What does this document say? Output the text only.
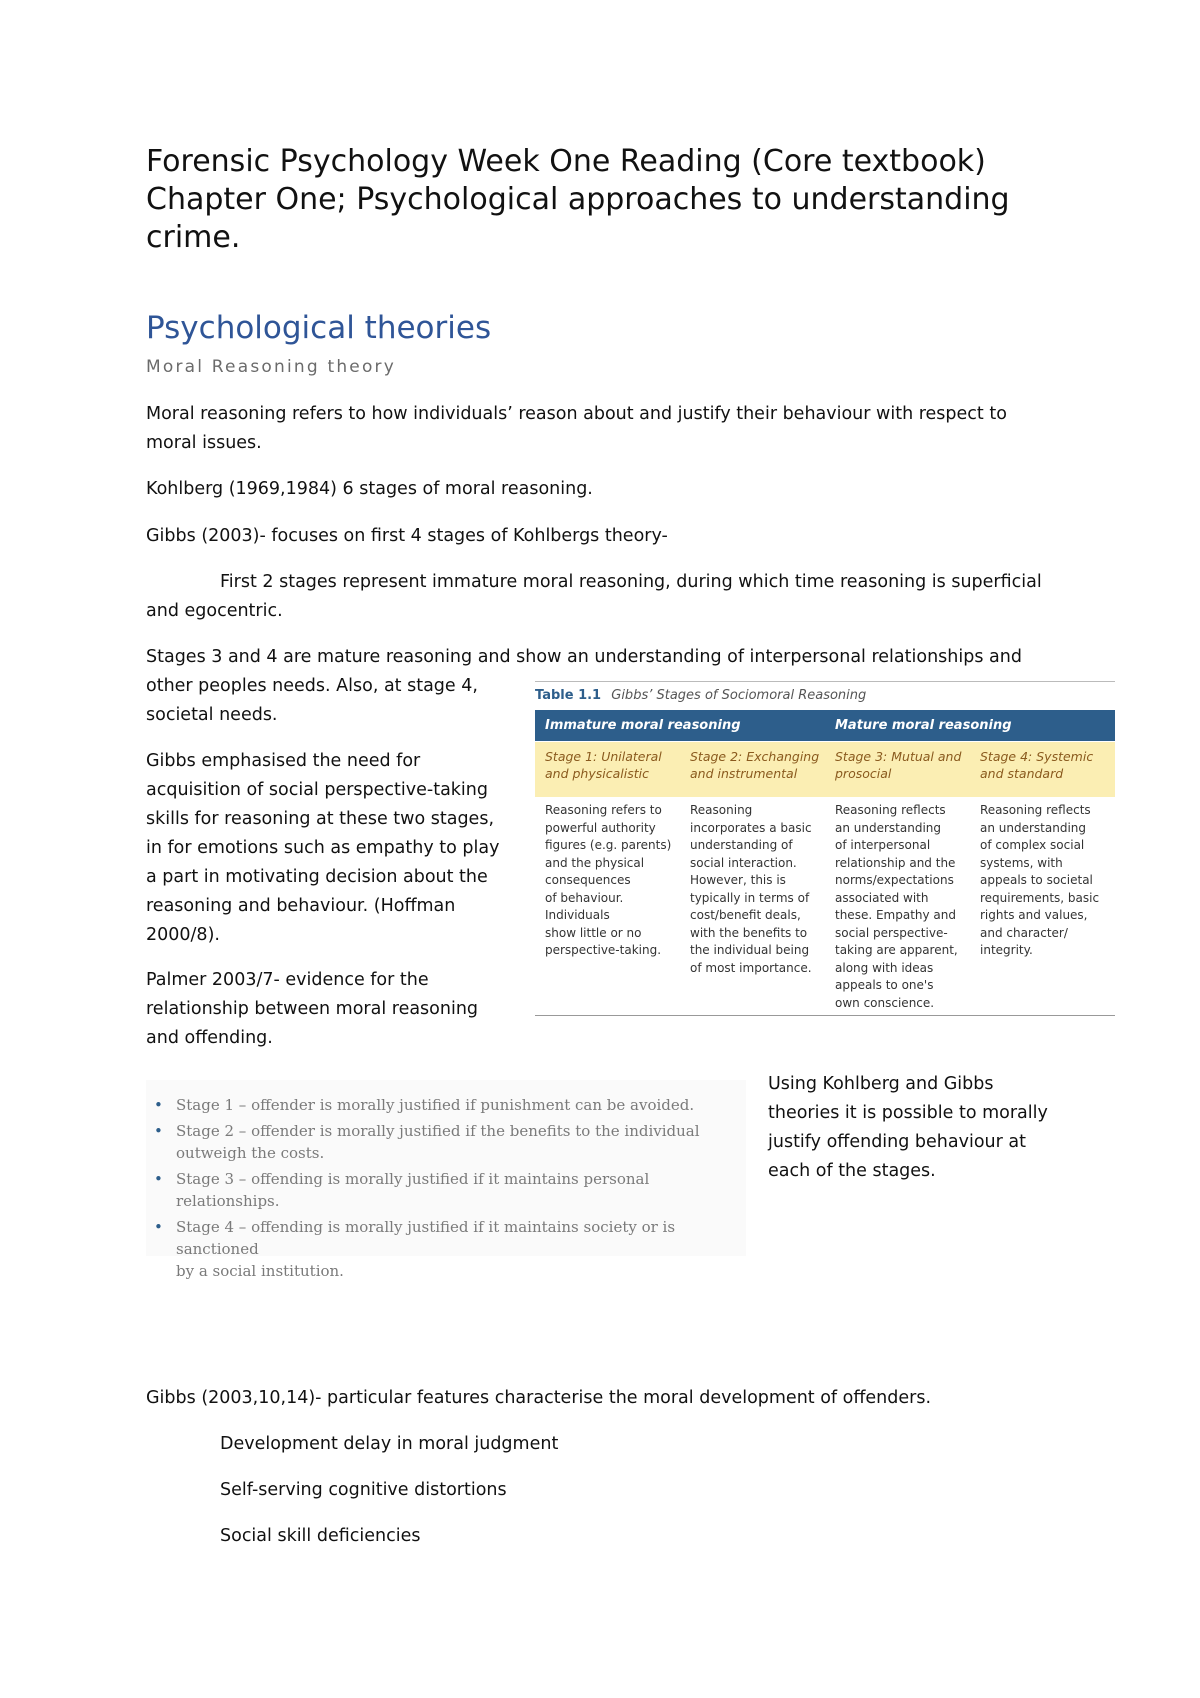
Forensic Psychology Week One Reading (Core textbook)
Chapter One; Psychological approaches to understanding
crime.
Psychological theories
Moral Reasoning theory
Moral reasoning refers to how individuals’ reason about and justify their behaviour with respect to
moral issues.
Kohlberg (1969,1984) 6 stages of moral reasoning.
Gibbs (2003)- focuses on first 4 stages of Kohlbergs theory-
First 2 stages represent immature moral reasoning, during which time reasoning is superficial
and egocentric.
Stages 3 and 4 are mature reasoning and show an understanding of interpersonal relationships and
other peoples needs. Also, at stage 4,
societal needs.
Gibbs emphasised the need for
acquisition of social perspective-taking
skills for reasoning at these two stages,
in for emotions such as empathy to play
a part in motivating decision about the
reasoning and behaviour. (Hoffman
2000/8).
Palmer 2003/7- evidence for the
relationship between moral reasoning
and offending.
Table 1.1 Gibbs’ Stages of Sociomoral Reasoning
Immature moral reasoning	Mature moral reasoning
Stage 1: Unilateral and physicalistic
Stage 2: Exchanging and instrumental
Stage 3: Mutual and prosocial
Stage 4: Systemic and standard
Reasoning refers to
powerful authority
figures (e.g. parents)
and the physical
consequences
of behaviour.
Individuals
show little or no
perspective-taking.
Reasoning
incorporates a basic
understanding of
social interaction.
However, this is
typically in terms of
cost/benefit deals,
with the benefits to
the individual being
of most importance.
Reasoning reflects
an understanding
of interpersonal
relationship and the
norms/expectations
associated with
these. Empathy and
social perspective-
taking are apparent,
along with ideas
appeals to one's
own conscience.
Reasoning reflects
an understanding
of complex social
systems, with
appeals to societal
requirements, basic
rights and values,
and character/
integrity.
• Stage 1 – offender is morally justified if punishment can be avoided.
• Stage 2 – offender is morally justified if the benefits to the individual
outweigh the costs.
• Stage 3 – offending is morally justified if it maintains personal relationships.
• Stage 4 – offending is morally justified if it maintains society or is sanctioned
by a social institution.
Using Kohlberg and Gibbs
theories it is possible to morally
justify offending behaviour at
each of the stages.
Gibbs (2003,10,14)- particular features characterise the moral development of offenders.
Development delay in moral judgment
Self-serving cognitive distortions
Social skill deficiencies
